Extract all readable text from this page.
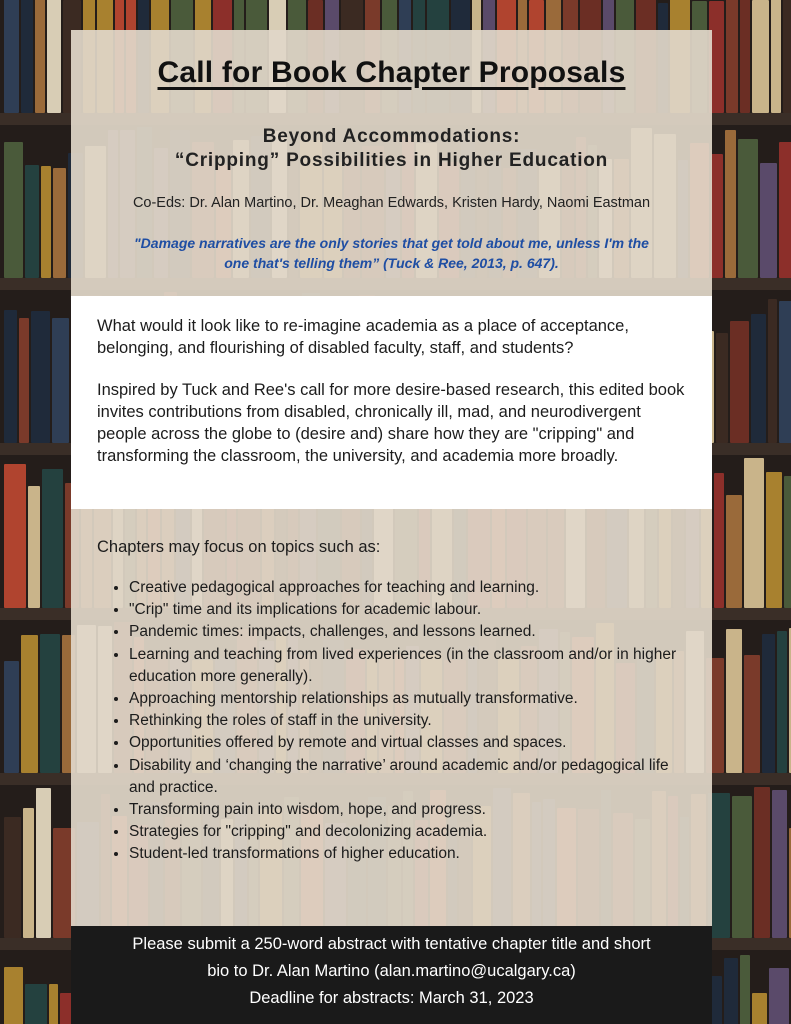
Call for Book Chapter Proposals
Beyond Accommodations:
“Cripping” Possibilities in Higher Education
Co-Eds: Dr. Alan Martino, Dr. Meaghan Edwards, Kristen Hardy, Naomi Eastman
"Damage narratives are the only stories that get told about me, unless I'm the
one that's telling them” (Tuck & Ree, 2013, p. 647).

What would it look like to re-imagine academia as a place of acceptance, belonging, and flourishing of disabled faculty, staff, and students?

Inspired by Tuck and Ree's call for more desire-based research, this edited book invites contributions from disabled, chronically ill, mad, and neurodivergent people across the globe to (desire and) share how they are "cripping" and transforming the classroom, the university, and academia more broadly.

Chapters may focus on topics such as:

• Creative pedagogical approaches for teaching and learning.
• "Crip" time and its implications for academic labour.
• Pandemic times: impacts, challenges, and lessons learned.
• Learning and teaching from lived experiences (in the classroom and/or in higher education more generally).
• Approaching mentorship relationships as mutually transformative.
• Rethinking the roles of staff in the university.
• Opportunities offered by remote and virtual classes and spaces.
• Disability and ‘changing the narrative’ around academic and/or pedagogical life and practice.
• Transforming pain into wisdom, hope, and progress.
• Strategies for "cripping" and decolonizing academia.
• Student-led transformations of higher education.
Please submit a 250-word abstract with tentative chapter title and short
bio to Dr. Alan Martino (alan.martino@ucalgary.ca)
Deadline for abstracts: March 31, 2023
